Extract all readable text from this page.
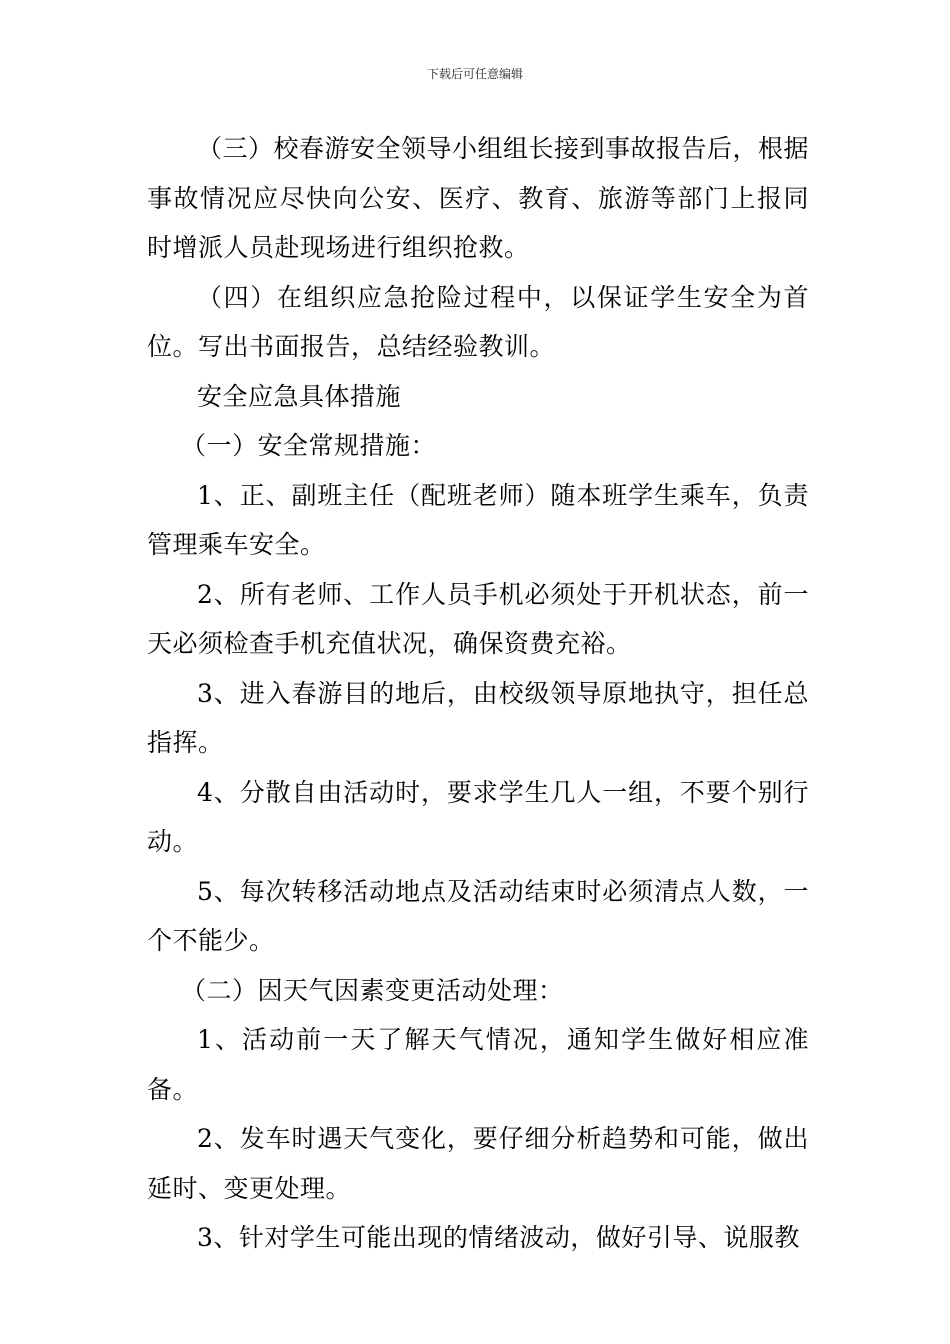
下载后可任意编辑

（三）校春游安全领导小组组长接到事故报告后，根据事故情况应尽快向公安、医疗、教育、旅游等部门上报同时增派人员赴现场进行组织抢救。

（四）在组织应急抢险过程中，以保证学生安全为首位。写出书面报告，总结经验教训。

安全应急具体措施

（一）安全常规措施：

1、正、副班主任（配班老师）随本班学生乘车，负责管理乘车安全。

2、所有老师、工作人员手机必须处于开机状态，前一天必须检查手机充值状况，确保资费充裕。

3、进入春游目的地后，由校级领导原地执守，担任总指挥。

4、分散自由活动时，要求学生几人一组，不要个别行动。

5、每次转移活动地点及活动结束时必须清点人数，一个不能少。

（二）因天气因素变更活动处理：

1、活动前一天了解天气情况，通知学生做好相应准备。

2、发车时遇天气变化，要仔细分析趋势和可能，做出延时、变更处理。

3、针对学生可能出现的情绪波动，做好引导、说服教
